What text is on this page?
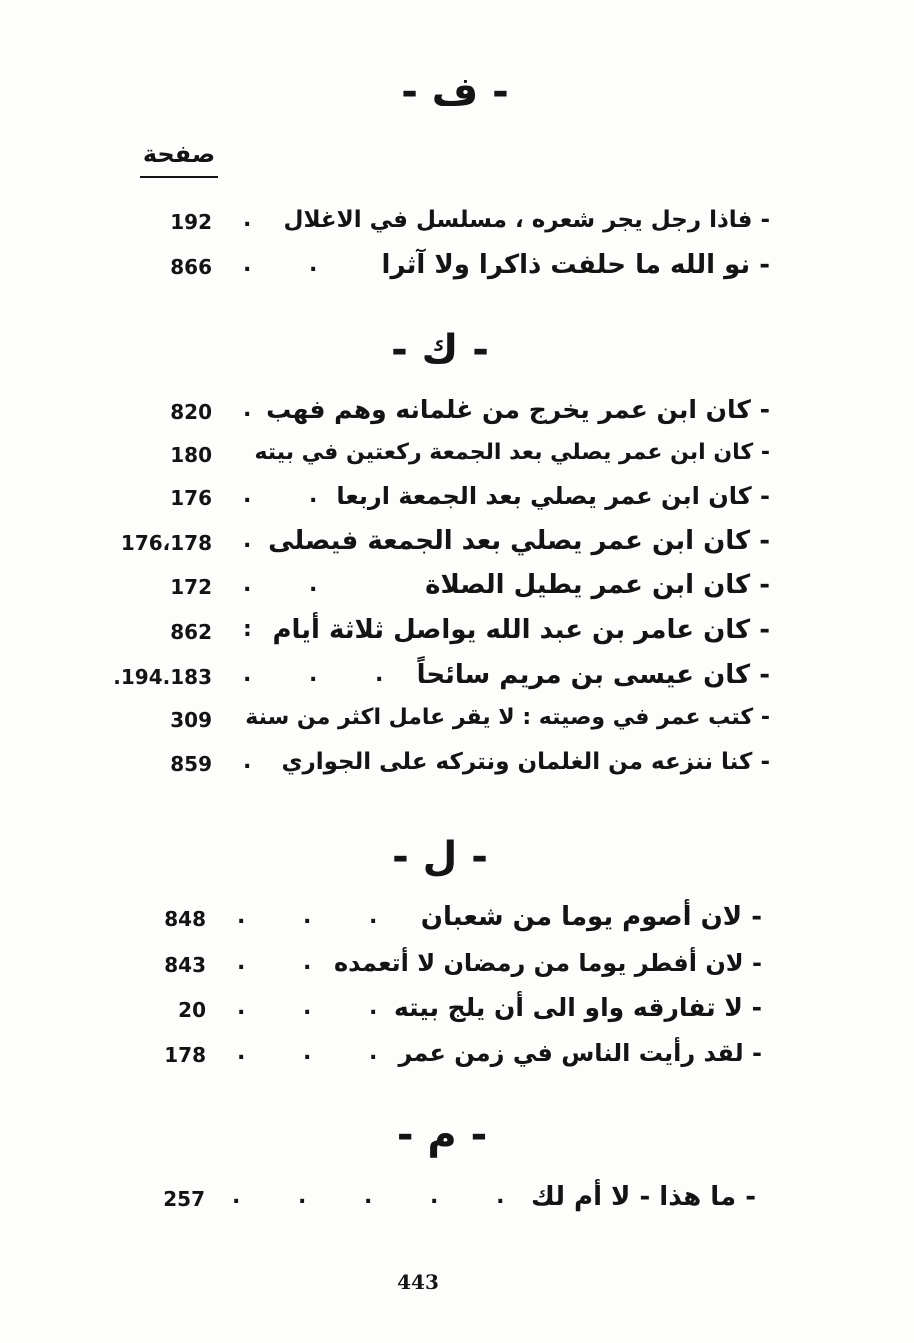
صفحة
443
- ف -
- فاذا رجل يجر شعره ، مسلسل في الاغلال
.
192
- نو الله ما حلفت ذاكرا ولا آثرا
. .
866
- ك -
- كان ابن عمر يخرج من غلمانه وهم فهب
.
820
- كان ابن عمر يصلي بعد الجمعة ركعتين في بيته
180
- كان ابن عمر يصلي بعد الجمعة اربعا
. .
176
- كان ابن عمر يصلي بعد الجمعة فيصلى
.
176،178
- كان ابن عمر يطيل الصلاة
. .
172
- كان عامر بن عبد الله يواصل ثلاثة أيام
:
862
- كان عيسى بن مريم سائحاً
. . .
.194.183
- كتب عمر في وصيته : لا يقر عامل اكثر من سنة
309
- كنا ننزعه من الغلمان ونتركه على الجواري
.
859
- ل -
- لان أصوم يوما من شعبان
. . .
848
- لان أفطر يوما من رمضان لا أتعمده
. .
843
- لا تفارقه واو الى أن يلج بيته
. . .
20
- لقد رأيت الناس في زمن عمر
. . .
178
- م -
- ما هذا - لا أم لك
. . . . .
257
